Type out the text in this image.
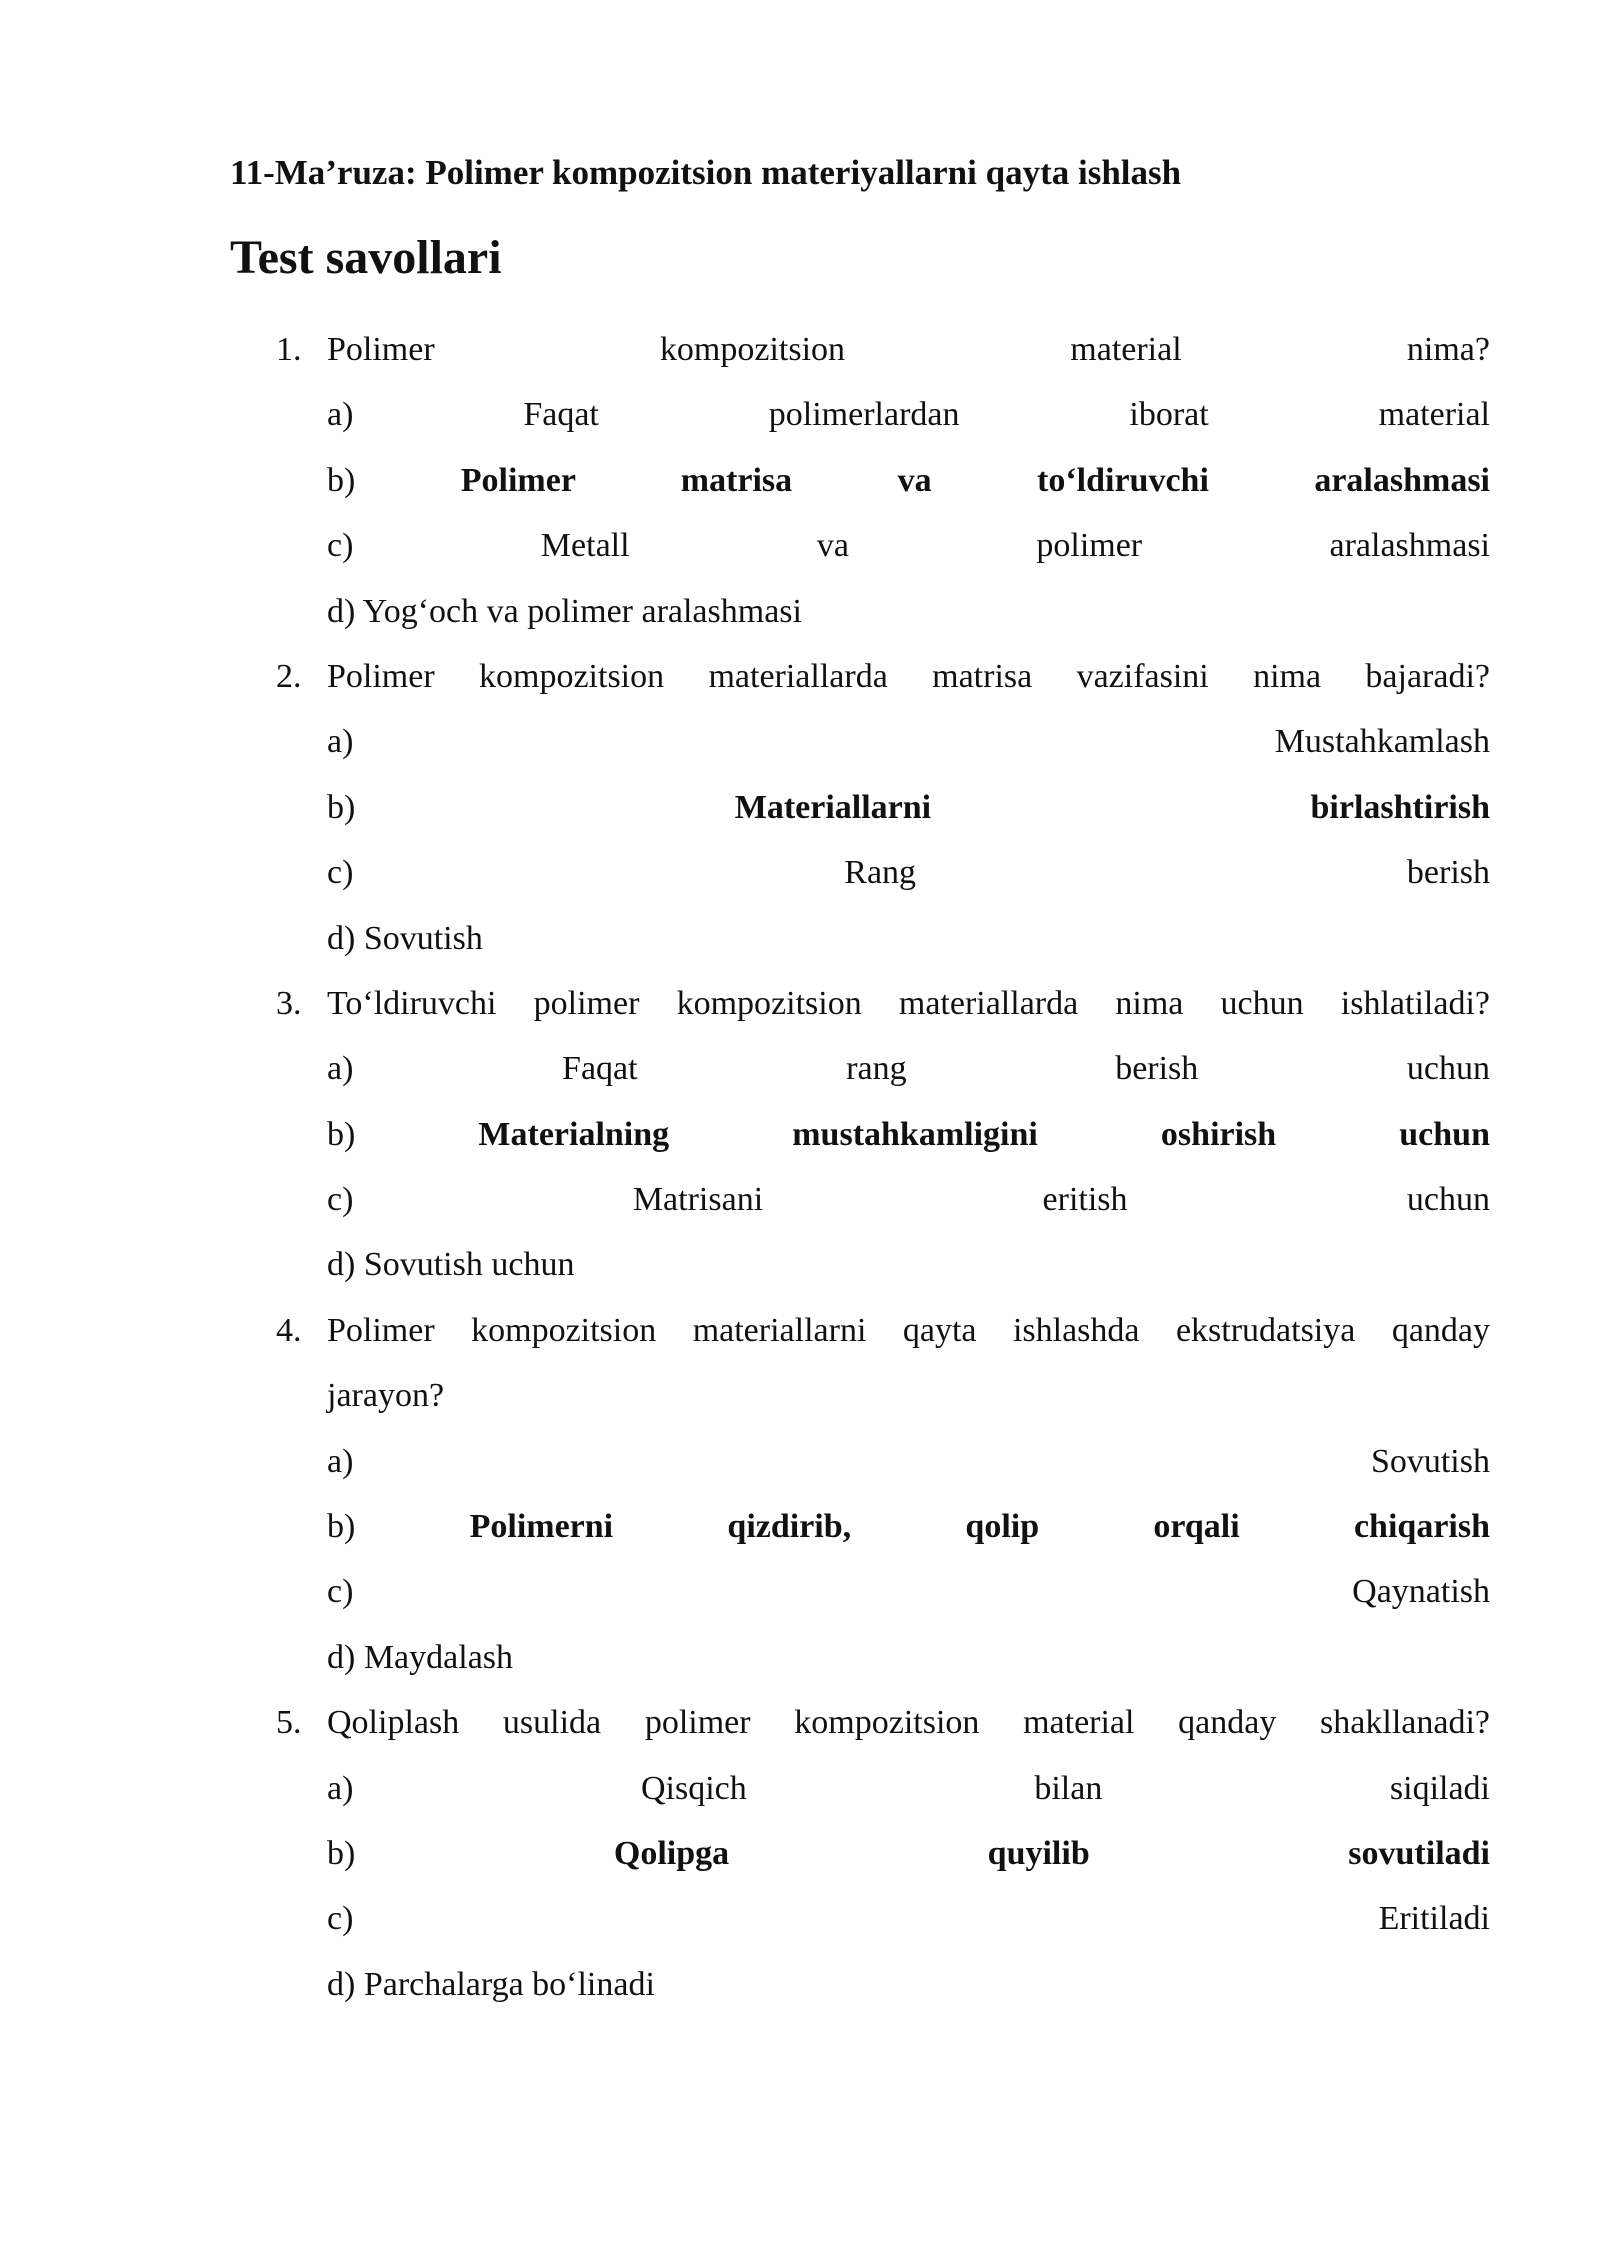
11-Ma’ruza: Polimer kompozitsion materiyallarni qayta ishlash
Test savollari
1. Polimer kompozitsion material nima?
a)	Faqat polimerlardan iborat material
b)	Polimer matrisa va to‘ldiruvchi aralashmasi
c)	Metall va polimer aralashmasi
d) Yog‘och va polimer aralashmasi
2. Polimer kompozitsion materiallarda matrisa vazifasini nima bajaradi?
a)	Mustahkamlash
b)	Materiallarni birlashtirish
c)	Rang berish
d) Sovutish
3. To‘ldiruvchi polimer kompozitsion materiallarda nima uchun ishlatiladi?
a)	Faqat rang berish uchun
b)	Materialning mustahkamligini oshirish uchun
c)	Matrisani eritish uchun
d) Sovutish uchun
4. Polimer kompozitsion materiallarni qayta ishlashda ekstrudatsiya qanday
jarayon?
a)	Sovutish
b)	Polimerni qizdirib, qolip orqali chiqarish
c)	Qaynatish
d) Maydalash
5. Qoliplash usulida polimer kompozitsion material qanday shakllanadi?
a)	Qisqich bilan siqiladi
b)	Qolipga quyilib sovutiladi
c)	Eritiladi
d) Parchalarga bo‘linadi
